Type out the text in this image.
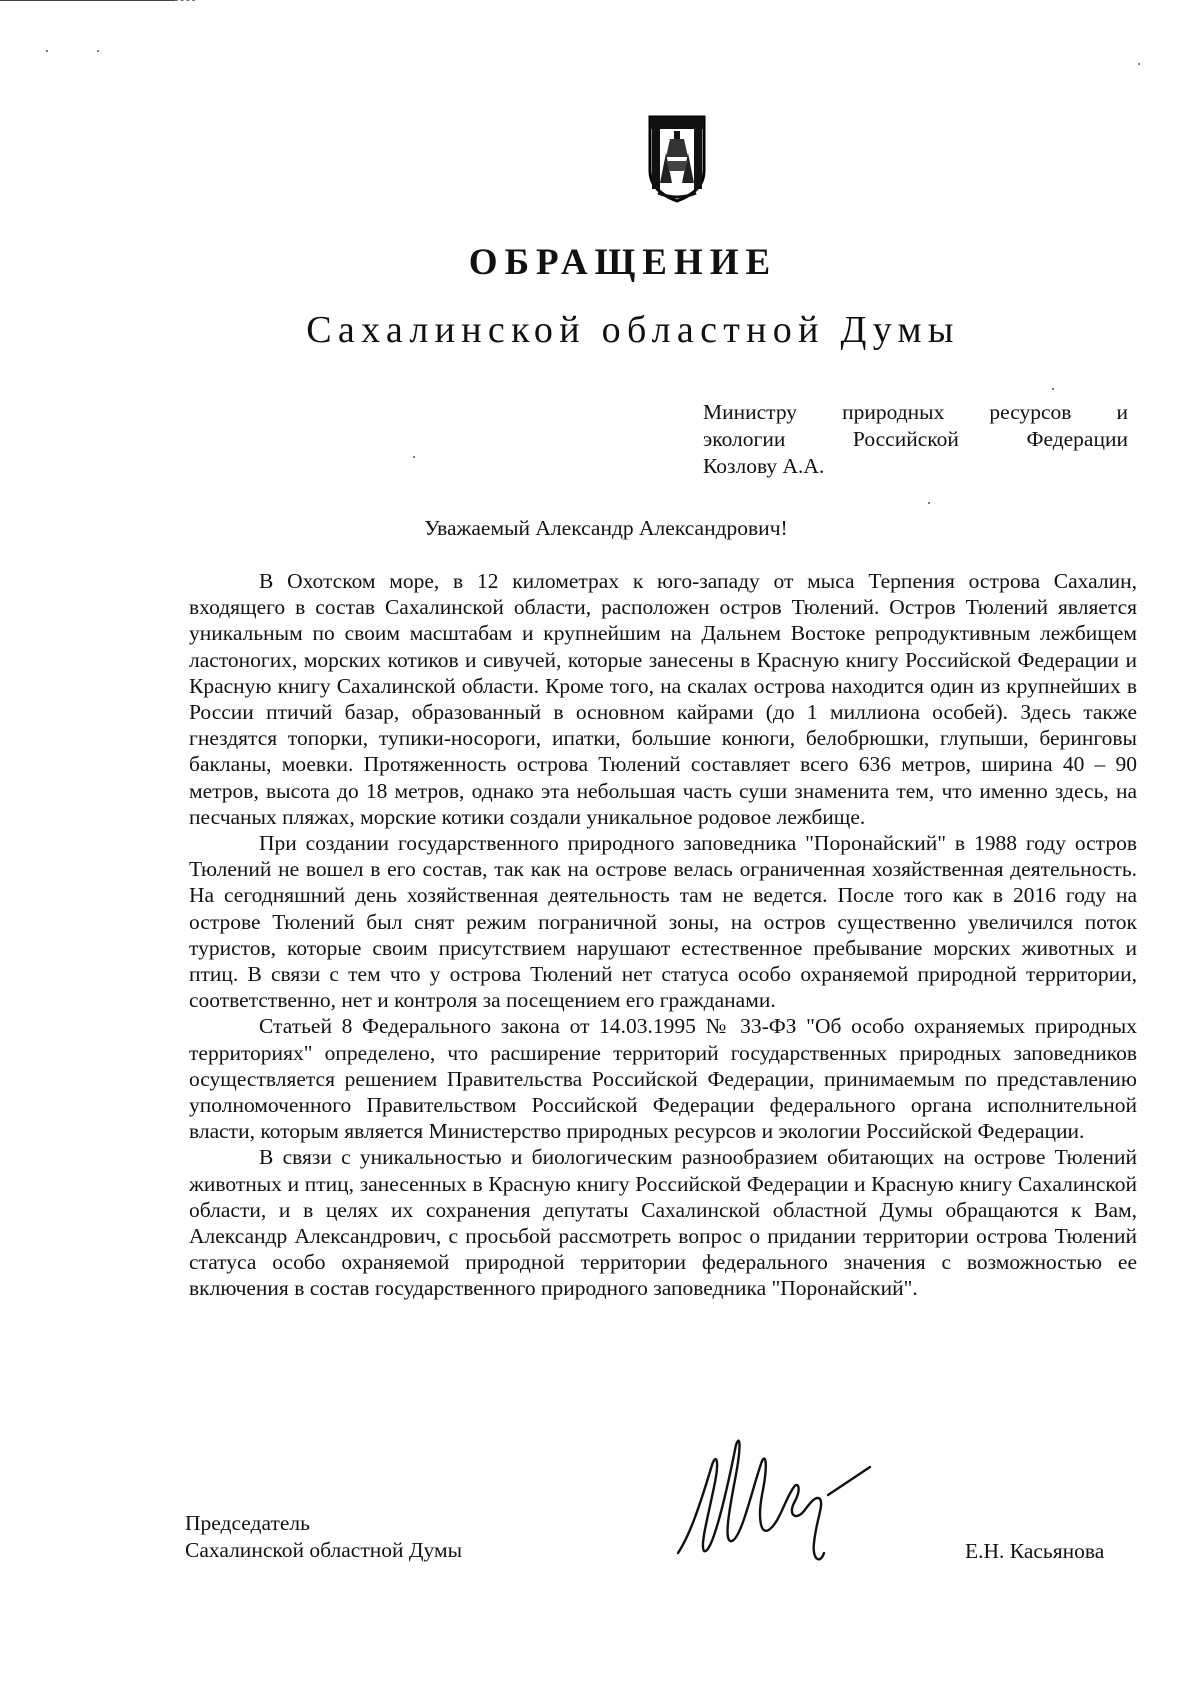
ОБРАЩЕНИЕ
Сахалинской областной Думы
Министру природных ресурсов и
экологии Российской Федерации
Козлову А.А.
Уважаемый Александр Александрович!

В Охотском море, в 12 километрах к юго-западу от мыса Терпения острова Сахалин, входящего в состав Сахалинской области, расположен остров Тюлений. Остров Тюлений является уникальным по своим масштабам и крупнейшим на Дальнем Востоке репродуктивным лежбищем ластоногих, морских котиков и сивучей, которые занесены в Красную книгу Российской Федерации и Красную книгу Сахалинской области. Кроме того, на скалах острова находится один из крупнейших в России птичий базар, образованный в основном кайрами (до 1 миллиона особей). Здесь также гнездятся топорки, тупики-носороги, ипатки, большие конюги, белобрюшки, глупыши, беринговы бакланы, моевки. Протяженность острова Тюлений составляет всего 636 метров, ширина 40 – 90 метров, высота до 18 метров, однако эта небольшая часть суши знаменита тем, что именно здесь, на песчаных пляжах, морские котики создали уникальное родовое лежбище.

При создании государственного природного заповедника "Поронайский" в 1988 году остров Тюлений не вошел в его состав, так как на острове велась ограниченная хозяйственная деятельность. На сегодняшний день хозяйственная деятельность там не ведется. После того как в 2016 году на острове Тюлений был снят режим пограничной зоны, на остров существенно увеличился поток туристов, которые своим присутствием нарушают естественное пребывание морских животных и птиц. В связи с тем что у острова Тюлений нет статуса особо охраняемой природной территории, соответственно, нет и контроля за посещением его гражданами.

Статьей 8 Федерального закона от 14.03.1995 № 33-ФЗ "Об особо охраняемых природных территориях" определено, что расширение территорий государственных природных заповедников осуществляется решением Правительства Российской Федерации, принимаемым по представлению уполномоченного Правительством Российской Федерации федерального органа исполнительной власти, которым является Министерство природных ресурсов и экологии Российской Федерации.

В связи с уникальностью и биологическим разнообразием обитающих на острове Тюлений животных и птиц, занесенных в Красную книгу Российской Федерации и Красную книгу Сахалинской области, и в целях их сохранения депутаты Сахалинской областной Думы обращаются к Вам, Александр Александрович, с просьбой рассмотреть вопрос о придании территории острова Тюлений статуса особо охраняемой природной территории федерального значения с возможностью ее включения в состав государственного природного заповедника "Поронайский".

Председатель
Сахалинской областной Думы	Е.Н. Касьянова
